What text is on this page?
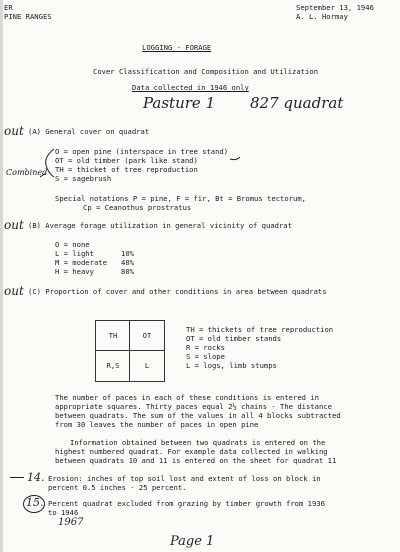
ER
PINE RANGES
September 13, 1946
A. L. Hormay
LOGGING - FORAGE
Cover Classification and Composition and Utilization
Data collected in 1946 only
Pasture 1 827 quadrat
out (A) General cover on quadrat
O = open pine (interspace in tree stand)
OT = old timber (park like stand)
TH = thicket of tree reproduction
S = sagebrush
Combined
Special notations P = pine, F = fir, Bt = Bromus tectorum,
Cp = Ceanothus prostratus
out (B) Average forage utilization in general vicinity of quadrat
O = none
L = light	10%
M = moderate 40%
H = heavy	80%
out (C) Proportion of cover and other conditions in area between quadrats
TH	OT
R,S	L
TH = thickets of tree reproduction
OT = old timber stands
R = rocks
S = slope
L = logs, limb stumps
The number of paces in each of these conditions is entered in
appropriate squares. Thirty paces equal 2½ chains - The distance
between quadrats. The sum of the values in all 4 blocks subtracted
from 30 leaves the number of paces in open pine
Information obtained between two quadrats is entered on the
highest numbered quadrat. For example data collected in walking
between quadrats 10 and 11 is entered on the sheet for quadrat 11
14. Erosion: inches of top soil lost and extent of loss on block in
percent 0.5 inches - 25 percent.
15. Percent quadrat excluded from grazing by timber growth from 1936
to 1946
1967
Page 1
